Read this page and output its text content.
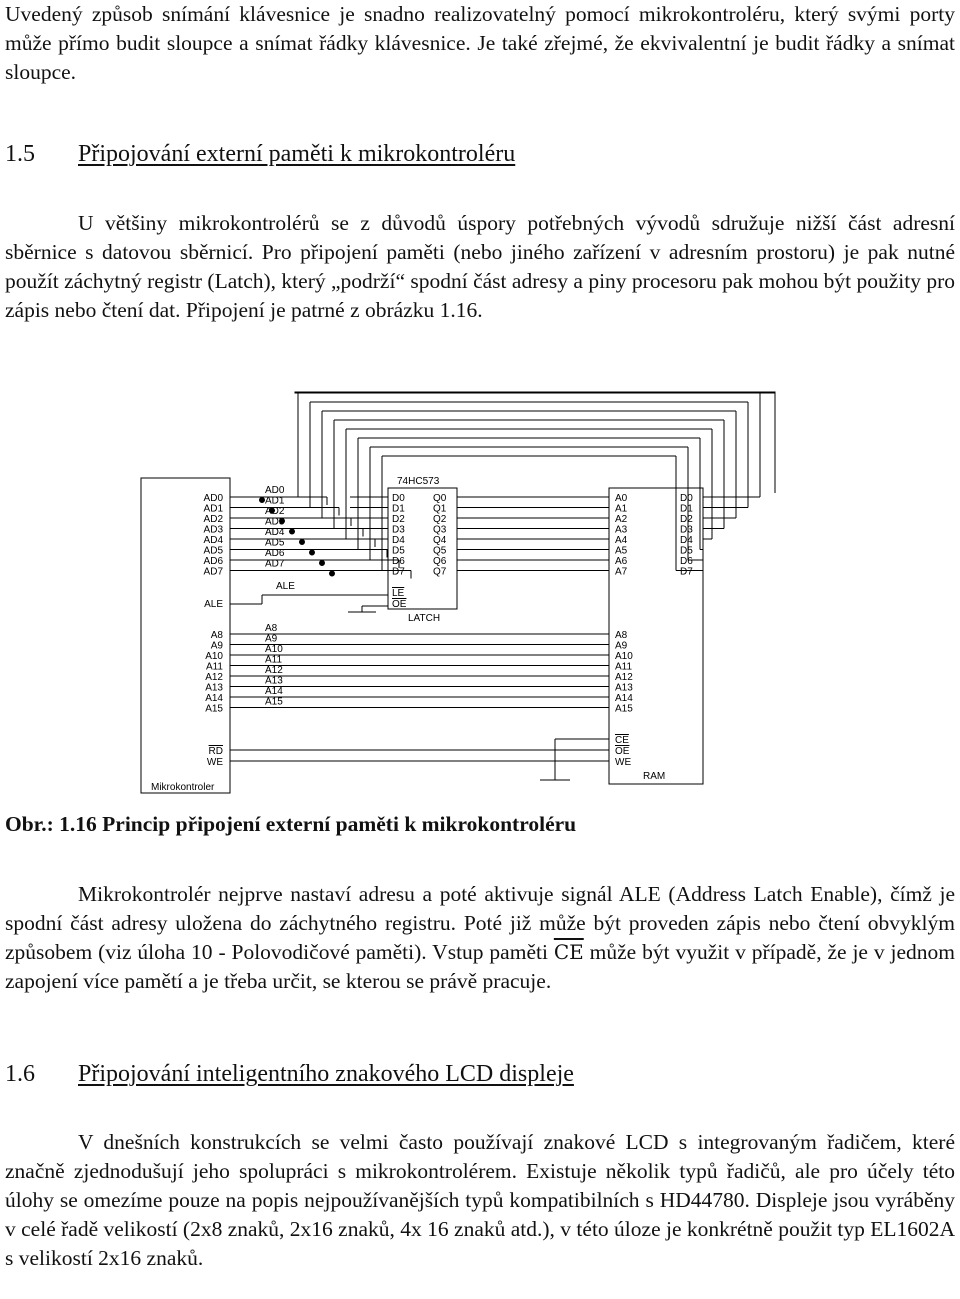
Uvedený způsob snímání klávesnice je snadno realizovatelný pomocí mikrokontroléru, který svými porty může přímo budit sloupce a snímat řádky klávesnice. Je také zřejmé, že ekvivalentní je budit řádky a snímat sloupce.

1.5 Připojování externí paměti k mikrokontroléru

U většiny mikrokontrolérů se z důvodů úspory potřebných vývodů sdružuje nižší část adresní sběrnice s datovou sběrnicí. Pro připojení paměti (nebo jiného zařízení v adresním prostoru) je pak nutné použít záchytný registr (Latch), který „podrží“ spodní část adresy a piny procesoru pak mohou být použity pro zápis nebo čtení dat. Připojení je patrné z obrázku 1.16.

AD0
AD1
AD2
AD3
AD4
AD5
AD6
AD7
ALE
A8
A9
A10
A11
A12
A13
A14
A15
RD
WE
Mikrokontroler
AD0
AD1
AD2
AD3
AD4
AD5
AD6
AD7
ALE
A8
A9
A10
A11
A12
A13
A14
A15
74HC573
D0
D1
D2
D3
D4
D5
D6
D7
Q0
Q1
Q2
Q3
Q4
Q5
Q6
Q7
LE
OE
LATCH
A0
A1
A2
A3
A4
A5
A6
A7
D0
D1
D2
D3
D4
D5
D6
D7
A8
A9
A10
A11
A12
A13
A14
A15
CE
OE
WE
RAM

Obr.: 1.16 Princip připojení externí paměti k mikrokontroléru

Mikrokontrolér nejprve nastaví adresu a poté aktivuje signál ALE (Address Latch Enable), čímž je spodní část adresy uložena do záchytného registru. Poté již může být proveden zápis nebo čtení obvyklým způsobem (viz úloha 10 - Polovodičové paměti). Vstup paměti $\overline{CE}$ může být využit v případě, že je v jednom zapojení více pamětí a je třeba určit, se kterou se právě pracuje.

1.6 Připojování inteligentního znakového LCD displeje

V dnešních konstrukcích se velmi často používají znakové LCD s integrovaným řadičem, které značně zjednodušují jeho spolupráci s mikrokontrolérem. Existuje několik typů řadičů, ale pro účely této úlohy se omezíme pouze na popis nejpoužívanějších typů kompatibilních s HD44780. Displeje jsou vyráběny v celé řadě velikostí (2x8 znaků, 2x16 znaků, 4x 16 znaků atd.), v této úloze je konkrétně použit typ EL1602A s velikostí 2x16 znaků.
